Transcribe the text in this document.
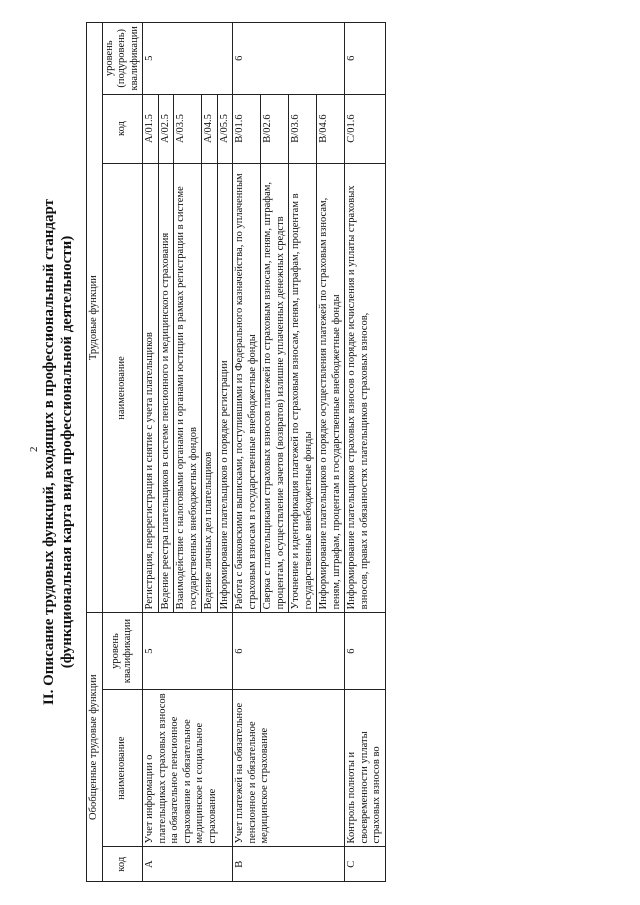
2 II. Описание трудовых функций, входящих в профессиональный стандарт (функциональная карта вида профессиональной деятельности)

Обобщенные трудовые функции			Трудовые функции		
код	наименование	уровень квалификации	наименование	код	уровень (подуровень) квалификации
A	Учет информации о плательщиках страховых взносов на обязательное пенсионное страхование и обязательное медицинское и социальное страхование	5	Регистрация, перерегистрация и снятие с учета плательщиков	A/01.5	5
			Ведение реестра плательщиков в системе пенсионного и медицинского страхования	A/02.5	
			Взаимодействие с налоговыми органами и органами юстиции в рамках регистрации в системе государственных внебюджетных фондов	A/03.5	
			Ведение личных дел плательщиков	A/04.5	
			Информирование плательщиков о порядке регистрации	A/05.5	
B	Учет платежей на обязательное пенсионное и обязательное медицинское страхование	6	Работа с банковскими выписками, поступившими из Федерального казначейства, по уплаченным страховым взносам в государственные внебюджетные фонды	B/01.6	6
			Сверка с плательщиками страховых взносов платежей по страховым взносам, пеням, штрафам, процентам, осуществление зачетов (возвратов) излишне уплаченных денежных средств	B/02.6	
			Уточнение и идентификация платежей по страховым взносам, пеням, штрафам, процентам в государственные внебюджетные фонды	B/03.6	
			Информирование плательщиков о порядке осуществления платежей по страховым взносам, пеням, штрафам, процентам в государственные внебюджетные фонды	B/04.6	
C	Контроль полноты и своевременности уплаты страховых взносов во	6	Информирование плательщиков страховых взносов о порядке исчисления и уплаты страховых взносов, правах и обязанностях плательщиков страховых взносов,	C/01.6	6
